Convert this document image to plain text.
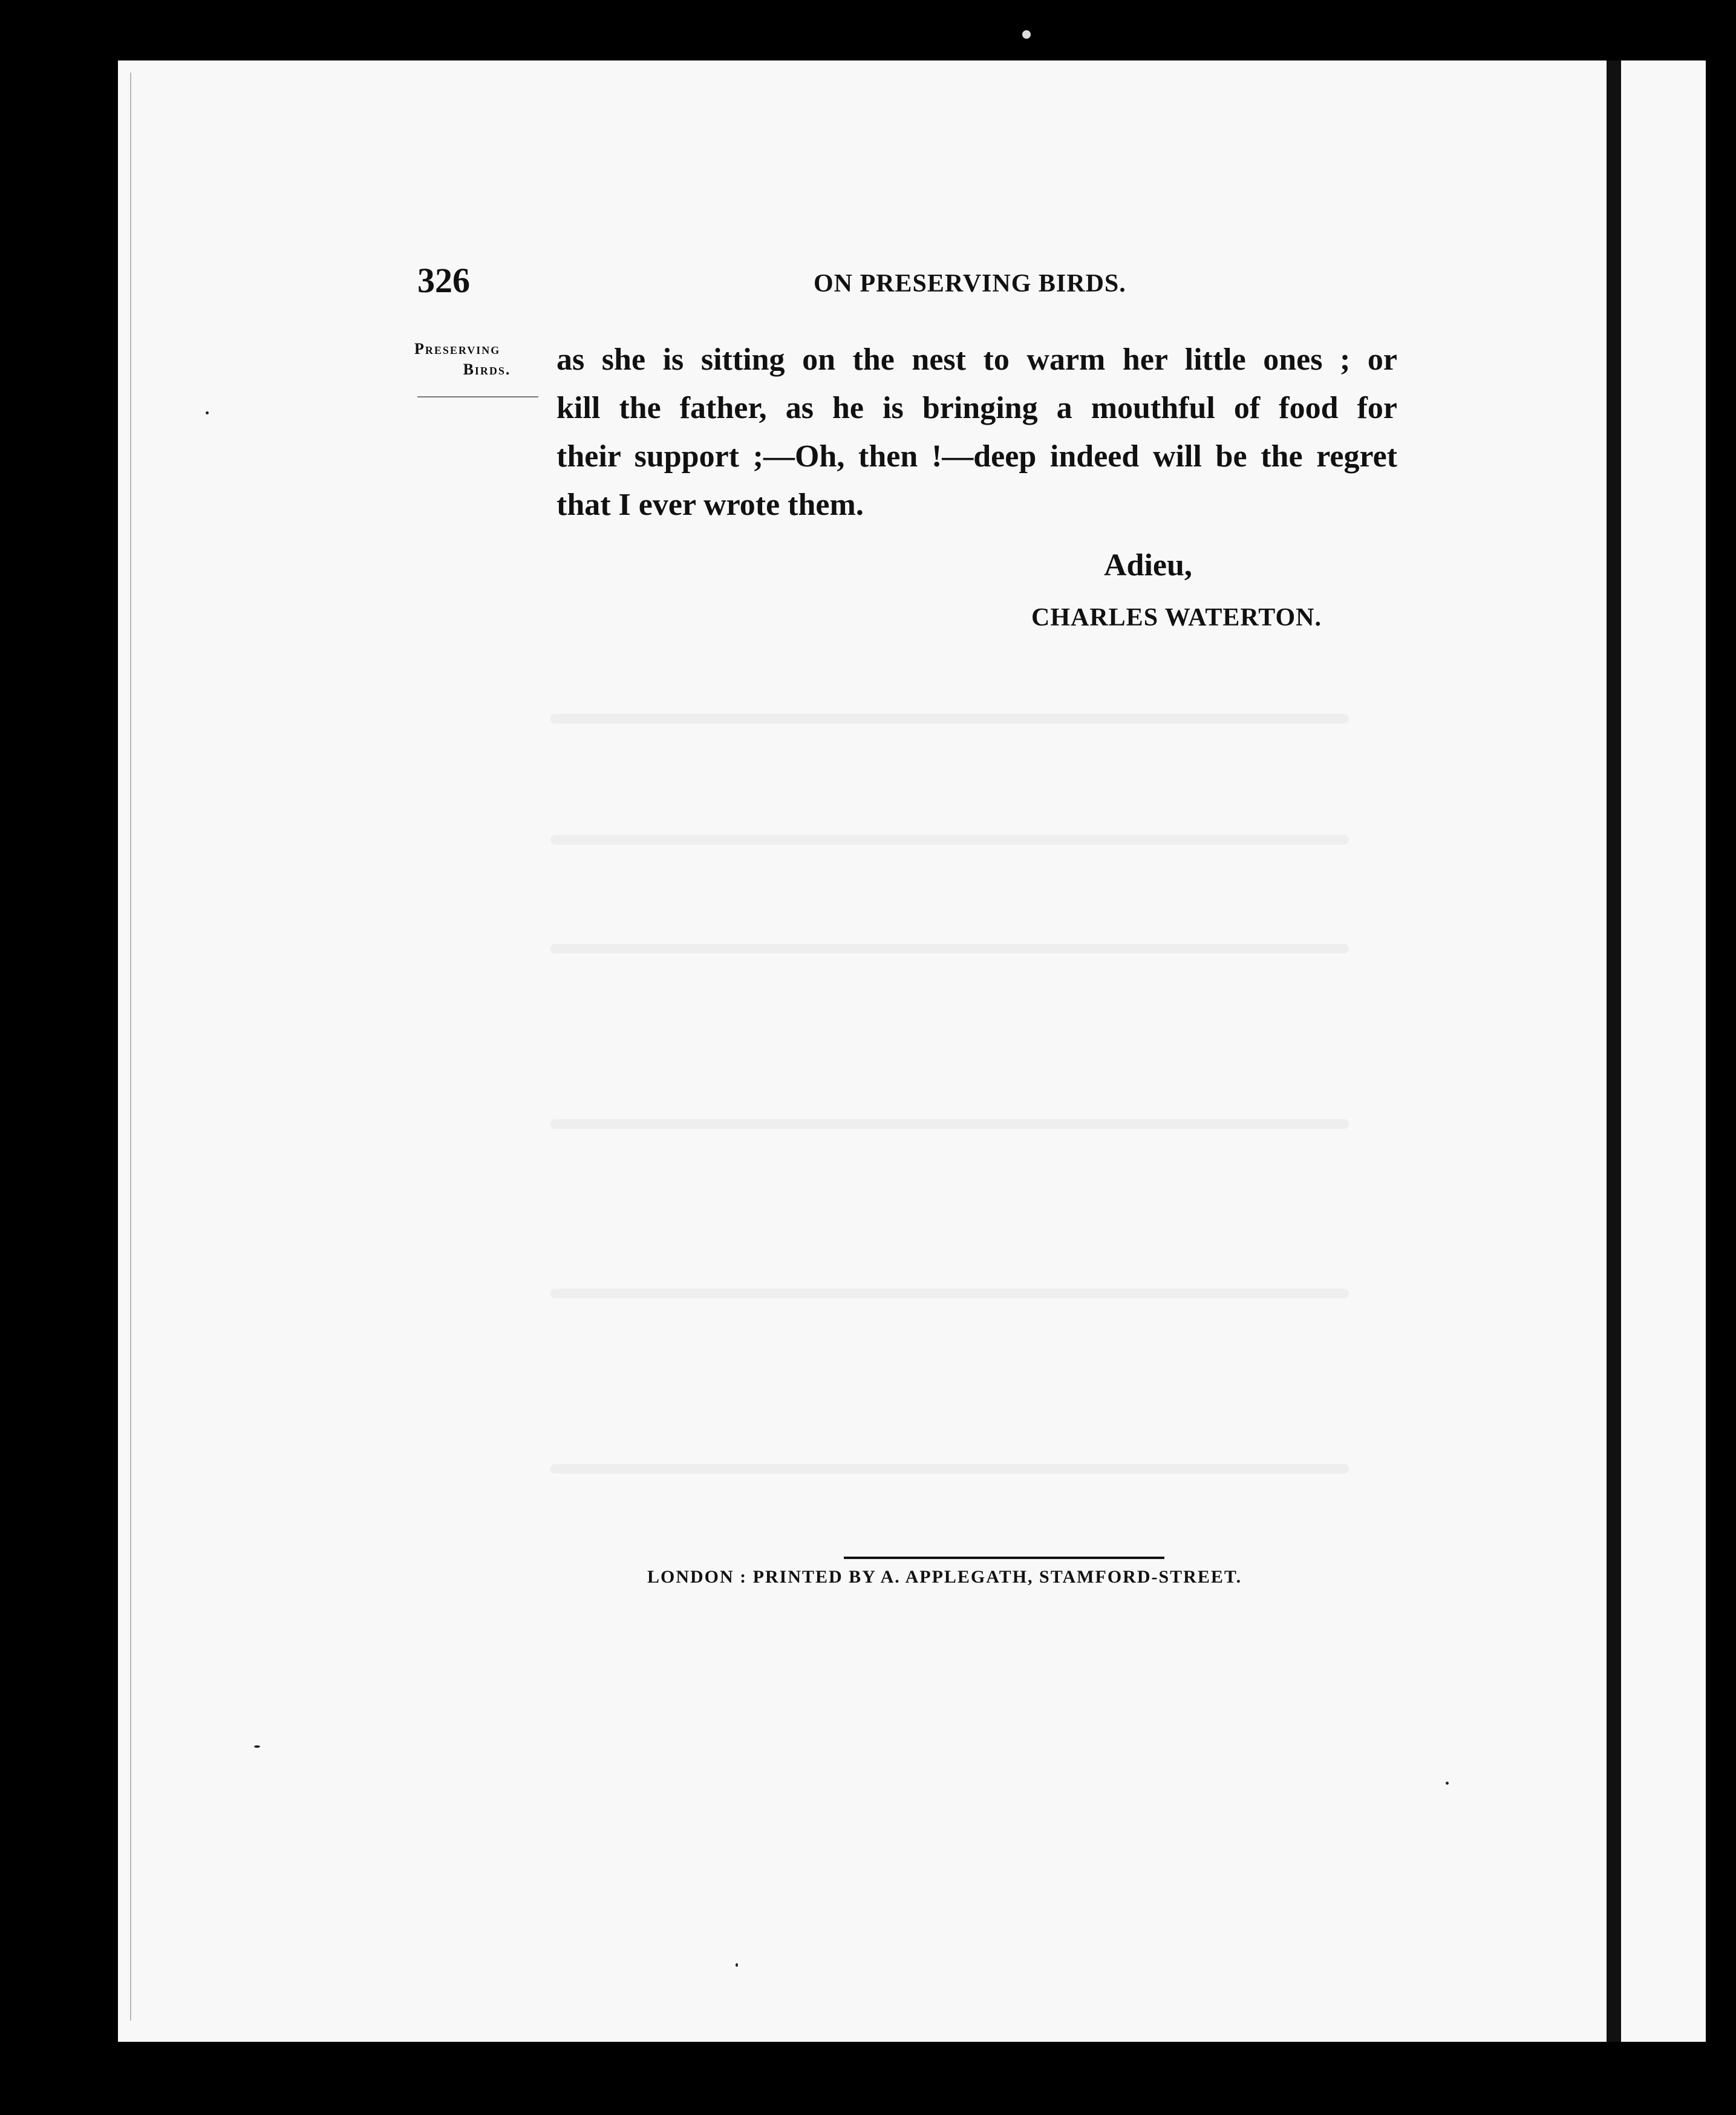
326	ON PRESERVING BIRDS.
Preserving
Birds.	as she is sitting on the nest to warm her little ones ; or
kill the father, as he is bringing a mouthful of food for
their support ;—Oh, then !—deep indeed will be the regret
that I ever wrote them.
Adieu,
CHARLES WATERTON.
LONDON : PRINTED BY A. APPLEGATH, STAMFORD-STREET.
